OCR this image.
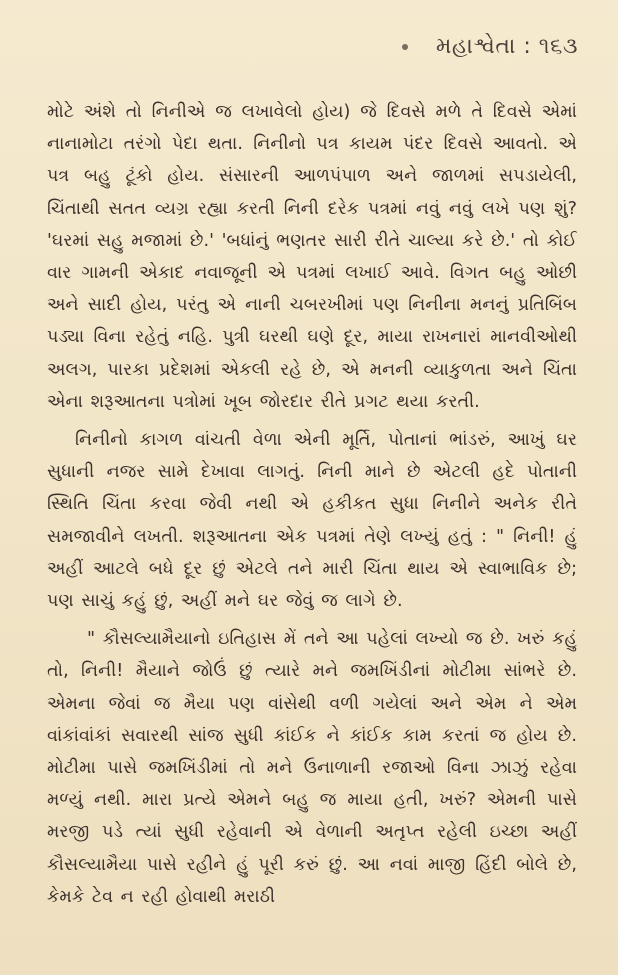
મહાશ્વેતા : ૧૬૩

મોટે અંશે તો નિનીએ જ લખાવેલો હોય) જે દિવસે મળે તે દિવસે એમાં નાનામોટા તરંગો પેદા થતા. નિનીનો પત્ર કાયમ પંદર દિવસે આવતો. એ પત્ર બહુ ટૂંકો હોય. સંસારની આળપંપાળ અને જાળમાં સપડાયેલી, ચિંતાથી સતત વ્યગ્ર રહ્યા કરતી નિની દરેક પત્રમાં નવું નવું લખે પણ શું? 'ઘરમાં સહુ મજામાં છે.' 'બધાંનું ભણતર સારી રીતે ચાલ્યા કરે છે.' તો કોઈ વાર ગામની એકાદ નવાજૂની એ પત્રમાં લખાઈ આવે. વિગત બહુ ઓછી અને સાદી હોય, પરંતુ એ નાની ચબરખીમાં પણ નિનીના મનનું પ્રતિબિંબ પડ્યા વિના રહેતું નહિ. પુત્રી ઘરથી ઘણે દૂર, માયા રાખનારાં માનવીઓથી અલગ, પારકા પ્રદેશમાં એકલી રહે છે, એ મનની વ્યાકુળતા અને ચિંતા એના શરૂઆતના પત્રોમાં ખૂબ જોરદાર રીતે પ્રગટ થયા કરતી.

નિનીનો કાગળ વાંચતી વેળા એની મૂર્તિ, પોતાનાં ભાંડરું, આખું ઘર સુધાની નજર સામે દેખાવા લાગતું. નિની માને છે એટલી હદે પોતાની સ્થિતિ ચિંતા કરવા જેવી નથી એ હકીકત સુધા નિનીને અનેક રીતે સમજાવીને લખતી. શરૂઆતના એક પત્રમાં તેણે લખ્યું હતું : " નિની! હું અહીં આટલે બધે દૂર છું એટલે તને મારી ચિંતા થાય એ સ્વાભાવિક છે; પણ સાચું કહું છું, અહીં મને ઘર જેવું જ લાગે છે.

" કૌસલ્યામૈયાનો ઇતિહાસ મેં તને આ પહેલાં લખ્યો જ છે. ખરું કહું તો, નિની! મૈયાને જોઉં છું ત્યારે મને જમખિંડીનાં મોટીમા સાંભરે છે. એમના જેવાં જ મૈયા પણ વાંસેથી વળી ગયેલાં અને એમ ને એમ વાંકાંવાંકાં સવારથી સાંજ સુધી કાંઈક ને કાંઈક કામ કરતાં જ હોય છે. મોટીમા પાસે જમખિંડીમાં તો મને ઉનાળાની રજાઓ વિના ઝાઝું રહેવા મળ્યું નથી. મારા પ્રત્યે એમને બહુ જ માયા હતી, ખરું? એમની પાસે મરજી પડે ત્યાં સુધી રહેવાની એ વેળાની અતૃપ્ત રહેલી ઇચ્છા અહીં કૌસલ્યામૈયા પાસે રહીને હું પૂરી કરું છું. આ નવાં માજી હિંદી બોલે છે, કેમકે ટેવ ન રહી હોવાથી મરાઠી
